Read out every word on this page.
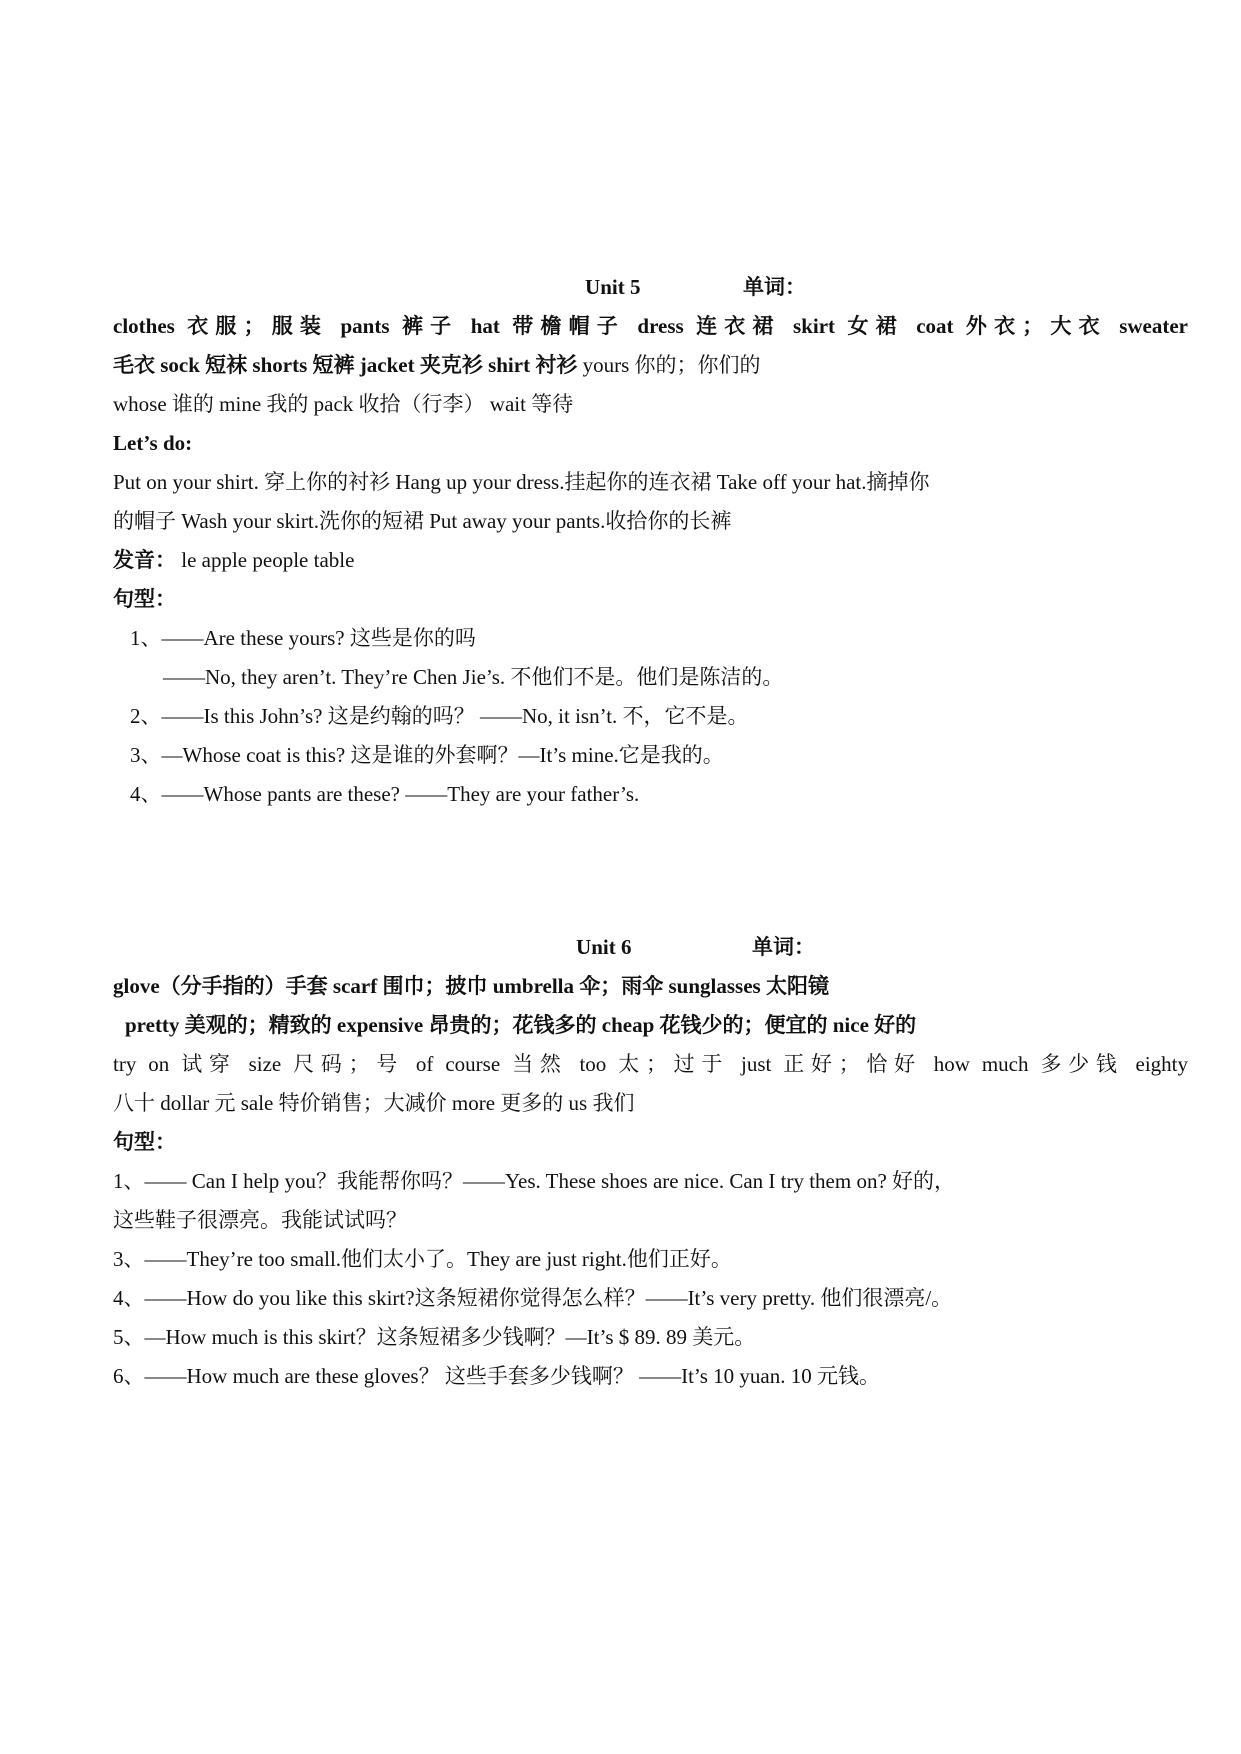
Unit 5	单词：
clothes 衣服；服装 pants 裤子 hat 带檐帽子 dress 连衣裙 skirt 女裙 coat 外衣；大衣 sweater
毛衣 sock 短袜 shorts 短裤 jacket 夹克衫 shirt 衬衫 yours 你的；你们的
whose 谁的 mine 我的 pack 收拾（行李） wait 等待
Let’s do:
Put on your shirt. 穿上你的衬衫 Hang up your dress.挂起你的连衣裙 Take off your hat.摘掉你
的帽子 Wash your skirt.洗你的短裙 Put away your pants.收拾你的长裤
发音： le apple people table
句型：
1、——Are these yours? 这些是你的吗
——No, they aren’t. They’re Chen Jie’s. 不他们不是。他们是陈洁的。
2、——Is this John’s? 这是约翰的吗？ ——No, it isn’t. 不，它不是。
3、—Whose coat is this? 这是谁的外套啊？—It’s mine.它是我的。
4、——Whose pants are these? ——They are your father’s.
Unit 6	单词：
glove（分手指的）手套 scarf 围巾；披巾 umbrella 伞；雨伞 sunglasses 太阳镜
pretty 美观的；精致的 expensive 昂贵的；花钱多的 cheap 花钱少的；便宜的 nice 好的
try on 试穿 size 尺码；号 of course 当然 too 太；过于 just 正好；恰好 how much 多少钱 eighty
八十 dollar 元 sale 特价销售；大减价 more 更多的 us 我们
句型：
1、—— Can I help you？我能帮你吗？——Yes. These shoes are nice. Can I try them on? 好的，
这些鞋子很漂亮。我能试试吗？
3、——They’re too small.他们太小了。They are just right.他们正好。
4、——How do you like this skirt?这条短裙你觉得怎么样？——It’s very pretty. 他们很漂亮/。
5、—How much is this skirt？这条短裙多少钱啊？—It’s $ 89. 89 美元。
6、——How much are these gloves？ 这些手套多少钱啊？ ——It’s 10 yuan. 10 元钱。
